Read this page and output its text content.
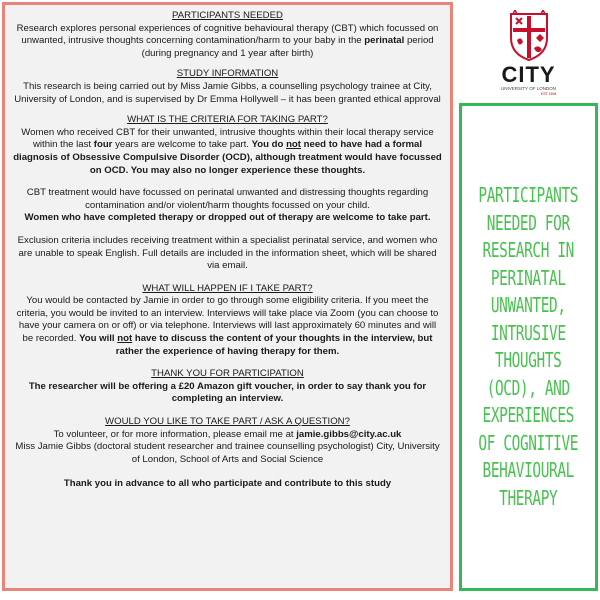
PARTICIPANTS NEEDED

Research explores personal experiences of cognitive behavioural therapy (CBT) which focussed on unwanted, intrusive thoughts concerning contamination/harm to your baby in the perinatal period (during pregnancy and 1 year after birth)

STUDY INFORMATION

This research is being carried out by Miss Jamie Gibbs, a counselling psychology trainee at City, University of London, and is supervised by Dr Emma Hollywell – it has been granted ethical approval

WHAT IS THE CRITERIA FOR TAKING PART?

Women who received CBT for their unwanted, intrusive thoughts within their local therapy service within the last four years are welcome to take part. You do not need to have had a formal diagnosis of Obsessive Compulsive Disorder (OCD), although treatment would have focussed on OCD. You may also no longer experience these thoughts.

CBT treatment would have focussed on perinatal unwanted and distressing thoughts regarding contamination and/or violent/harm thoughts focussed on your child.

Women who have completed therapy or dropped out of therapy are welcome to take part.

Exclusion criteria includes receiving treatment within a specialist perinatal service, and women who are unable to speak English. Full details are included in the information sheet, which will be shared via email.

WHAT WILL HAPPEN IF I TAKE PART?

You would be contacted by Jamie in order to go through some eligibility criteria. If you meet the criteria, you would be invited to an interview. Interviews will take place via Zoom (you can choose to have your camera on or off) or via telephone. Interviews will last approximately 60 minutes and will be recorded. You will not have to discuss the content of your thoughts in the interview, but rather the experience of having therapy for them.

THANK YOU FOR PARTICIPATION

The researcher will be offering a £20 Amazon gift voucher, in order to say thank you for completing an interview.

WOULD YOU LIKE TO TAKE PART / ASK A QUESTION?

To volunteer, or for more information, please email me at jamie.gibbs@city.ac.uk

Miss Jamie Gibbs (doctoral student researcher and trainee counselling psychologist) City, University of London, School of Arts and Social Science

Thank you in advance to all who participate and contribute to this study

CITY
UNIVERSITY OF LONDON
EST 1894
PARTICIPANTS
NEEDED FOR
RESEARCH IN
PERINATAL
UNWANTED,
INTRUSIVE
THOUGHTS
(OCD), AND
EXPERIENCES
OF COGNITIVE
BEHAVIOURAL
THERAPY
